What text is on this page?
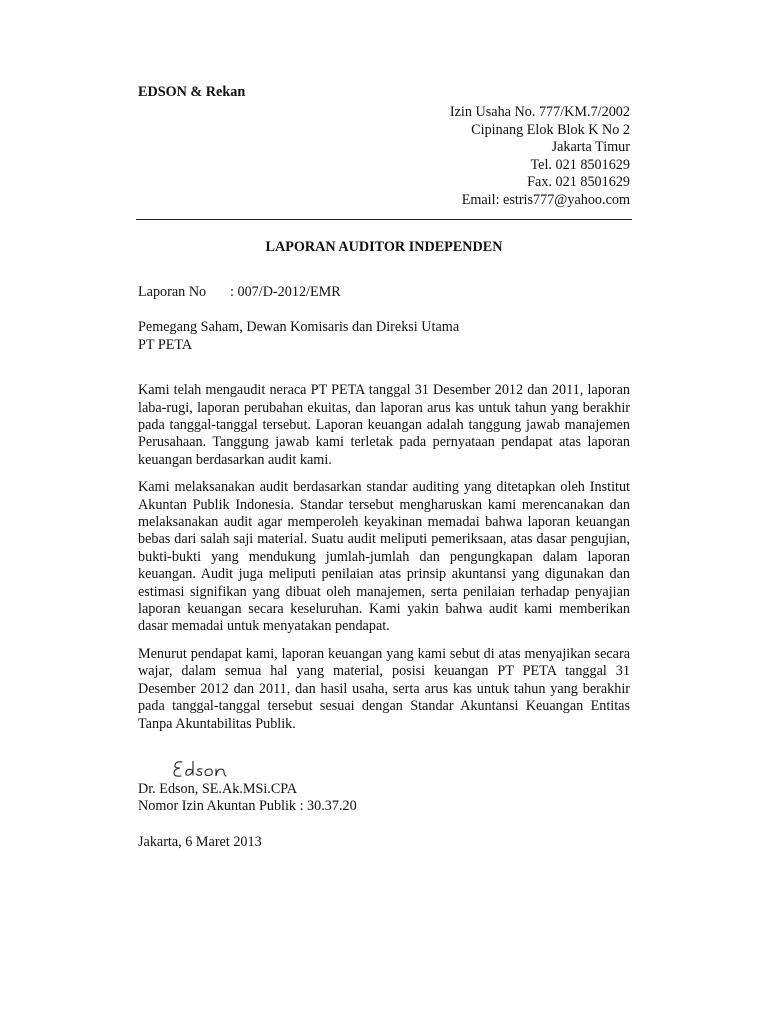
EDSON & Rekan

Izin Usaha No. 777/KM.7/2002
Cipinang Elok Blok K No 2
Jakarta Timur
Tel. 021 8501629
Fax. 021 8501629
Email: estris777@yahoo.com

LAPORAN AUDITOR INDEPENDEN

Laporan No	: 007/D-2012/EMR

Pemegang Saham, Dewan Komisaris dan Direksi Utama
PT PETA

Kami telah mengaudit neraca PT PETA tanggal 31 Desember 2012 dan 2011, laporan laba-rugi, laporan perubahan ekuitas, dan laporan arus kas untuk tahun yang berakhir pada tanggal-tanggal tersebut. Laporan keuangan adalah tanggung jawab manajemen Perusahaan. Tanggung jawab kami terletak pada pernyataan pendapat atas laporan keuangan berdasarkan audit kami.

Kami melaksanakan audit berdasarkan standar auditing yang ditetapkan oleh Institut Akuntan Publik Indonesia. Standar tersebut mengharuskan kami merencanakan dan melaksanakan audit agar memperoleh keyakinan memadai bahwa laporan keuangan bebas dari salah saji material. Suatu audit meliputi pemeriksaan, atas dasar pengujian, bukti-bukti yang mendukung jumlah-jumlah dan pengungkapan dalam laporan keuangan. Audit juga meliputi penilaian atas prinsip akuntansi yang digunakan dan estimasi signifikan yang dibuat oleh manajemen, serta penilaian terhadap penyajian laporan keuangan secara keseluruhan. Kami yakin bahwa audit kami memberikan dasar memadai untuk menyatakan pendapat.

Menurut pendapat kami, laporan keuangan yang kami sebut di atas menyajikan secara wajar, dalam semua hal yang material, posisi keuangan PT PETA tanggal 31 Desember 2012 dan 2011, dan hasil usaha, serta arus kas untuk tahun yang berakhir pada tanggal-tanggal tersebut sesuai dengan Standar Akuntansi Keuangan Entitas Tanpa Akuntabilitas Publik.

Dr. Edson, SE.Ak.MSi.CPA
Nomor Izin Akuntan Publik : 30.37.20

Jakarta, 6 Maret 2013
